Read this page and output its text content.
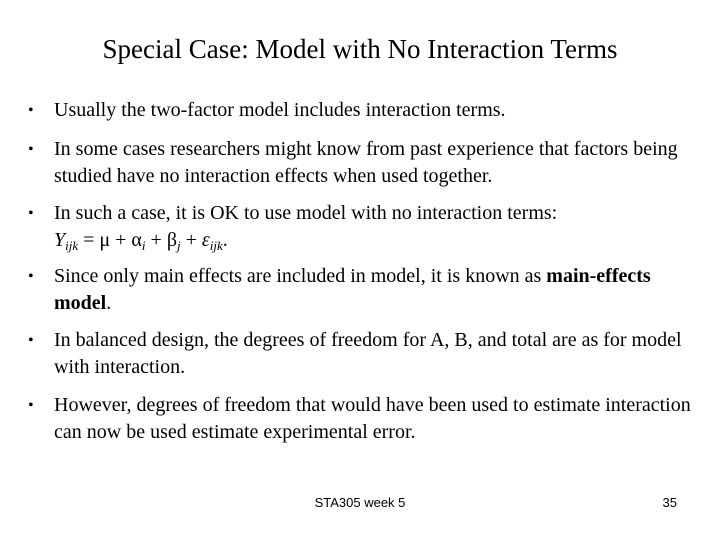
Special Case: Model with No Interaction Terms
• Usually the two-factor model includes interaction terms.
• In some cases researchers might know from past experience that factors being studied have no interaction effects when used together.
• In such a case, it is OK to use model with no interaction terms:
$Y_{ijk} = \mu + \alpha_i + \beta_j + \varepsilon_{ijk}$.
• Since only main effects are included in model, it is known as main-effects model.
• In balanced design, the degrees of freedom for A, B, and total are as for model with interaction.
• However, degrees of freedom that would have been used to estimate interaction can now be used estimate experimental error.
STA305 week 5	35
